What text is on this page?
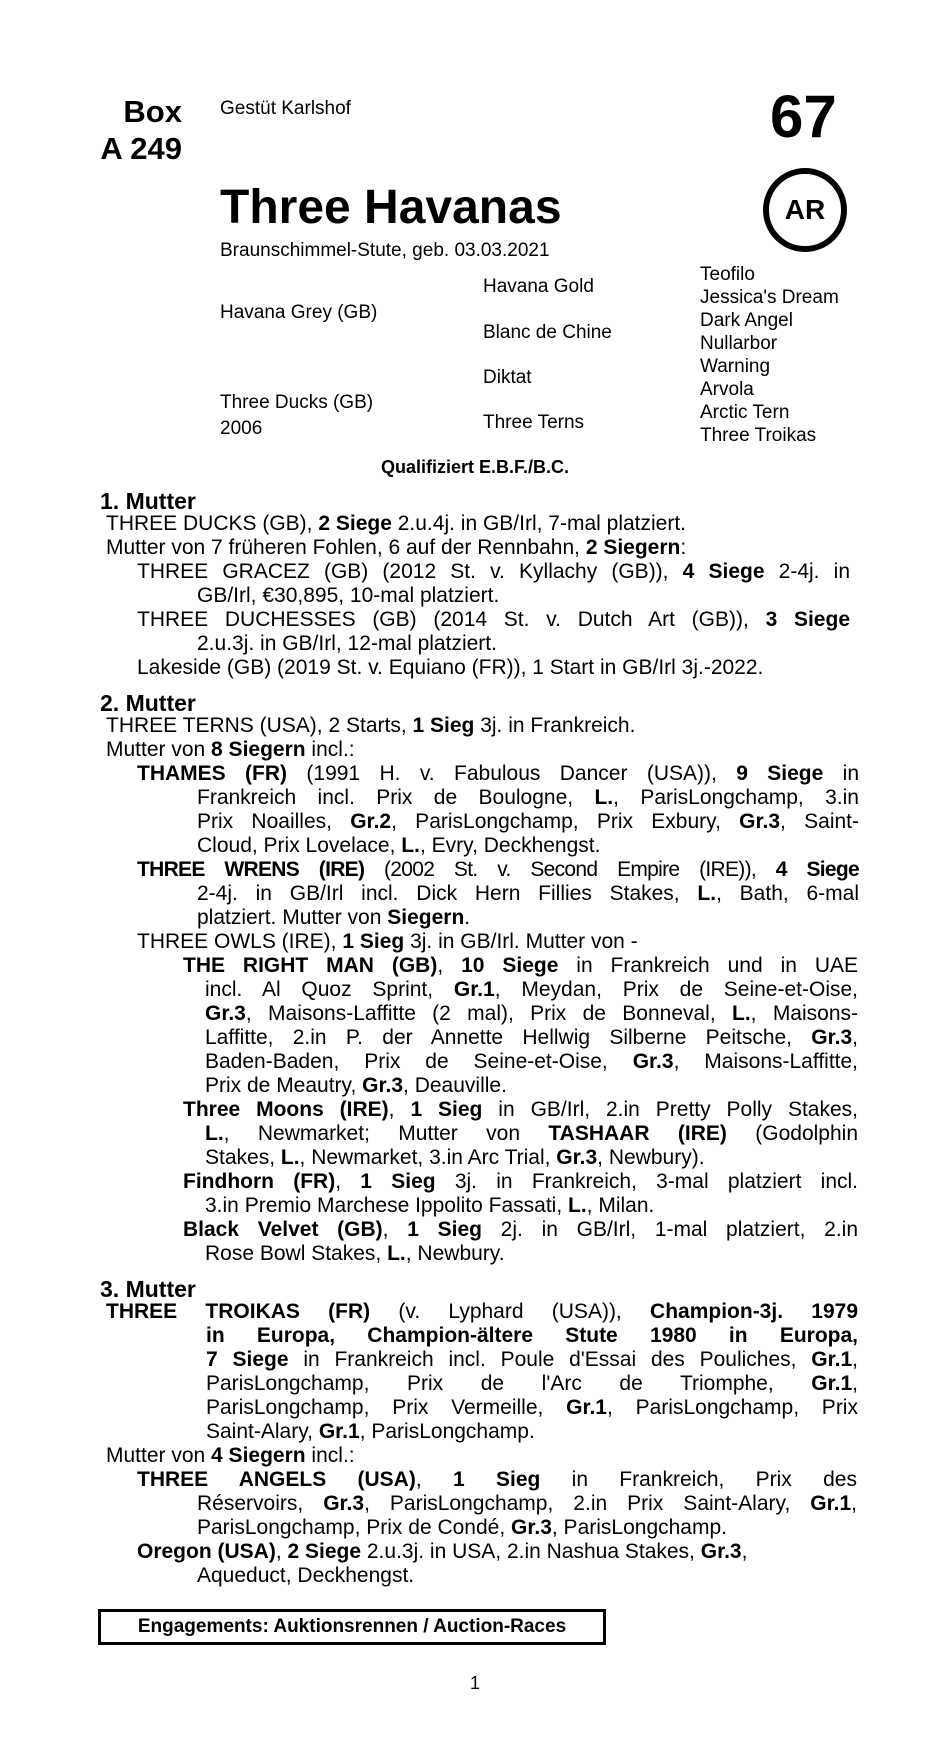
Box
A 249
Gestüt Karlshof	67
AR
Three Havanas
Braunschimmel-Stute, geb. 03.03.2021
Havana Grey (GB)
Three Ducks (GB)
2006
Havana Gold
Blanc de Chine
Diktat
Three Terns
Teofilo
Jessica's Dream
Dark Angel
Nullarbor
Warning
Arvola
Arctic Tern
Three Troikas
Qualifiziert E.B.F./B.C.
1. Mutter
THREE DUCKS (GB), 2 Siege 2.u.4j. in GB/Irl, 7-mal platziert.
Mutter von 7 früheren Fohlen, 6 auf der Rennbahn, 2 Siegern:
THREE GRACEZ (GB) (2012 St. v. Kyllachy (GB)), 4 Siege 2-4j. in
GB/Irl, €30,895, 10-mal platziert.
THREE DUCHESSES (GB) (2014 St. v. Dutch Art (GB)), 3 Siege
2.u.3j. in GB/Irl, 12-mal platziert.
Lakeside (GB) (2019 St. v. Equiano (FR)), 1 Start in GB/Irl 3j.-2022.
2. Mutter
THREE TERNS (USA), 2 Starts, 1 Sieg 3j. in Frankreich.
Mutter von 8 Siegern incl.:
THAMES (FR) (1991 H. v. Fabulous Dancer (USA)), 9 Siege in
Frankreich incl. Prix de Boulogne, L., ParisLongchamp, 3.in
Prix Noailles, Gr.2, ParisLongchamp, Prix Exbury, Gr.3, Saint-
Cloud, Prix Lovelace, L., Evry, Deckhengst.
THREE WRENS (IRE) (2002 St. v. Second Empire (IRE)), 4 Siege
2-4j. in GB/Irl incl. Dick Hern Fillies Stakes, L., Bath, 6-mal
platziert. Mutter von Siegern.
THREE OWLS (IRE), 1 Sieg 3j. in GB/Irl. Mutter von -
THE RIGHT MAN (GB), 10 Siege in Frankreich und in UAE
incl. Al Quoz Sprint, Gr.1, Meydan, Prix de Seine-et-Oise,
Gr.3, Maisons-Laffitte (2 mal), Prix de Bonneval, L., Maisons-
Laffitte, 2.in P. der Annette Hellwig Silberne Peitsche, Gr.3,
Baden-Baden, Prix de Seine-et-Oise, Gr.3, Maisons-Laffitte,
Prix de Meautry, Gr.3, Deauville.
Three Moons (IRE), 1 Sieg in GB/Irl, 2.in Pretty Polly Stakes,
L., Newmarket; Mutter von TASHAAR (IRE) (Godolphin
Stakes, L., Newmarket, 3.in Arc Trial, Gr.3, Newbury).
Findhorn (FR), 1 Sieg 3j. in Frankreich, 3-mal platziert incl.
3.in Premio Marchese Ippolito Fassati, L., Milan.
Black Velvet (GB), 1 Sieg 2j. in GB/Irl, 1-mal platziert, 2.in
Rose Bowl Stakes, L., Newbury.
3. Mutter
THREE TROIKAS (FR) (v. Lyphard (USA)), Champion-3j. 1979
in Europa, Champion-ältere Stute 1980 in Europa,
7 Siege in Frankreich incl. Poule d'Essai des Pouliches, Gr.1,
ParisLongchamp, Prix de l'Arc de Triomphe, Gr.1,
ParisLongchamp, Prix Vermeille, Gr.1, ParisLongchamp, Prix
Saint-Alary, Gr.1, ParisLongchamp.
Mutter von 4 Siegern incl.:
THREE ANGELS (USA), 1 Sieg in Frankreich, Prix des
Réservoirs, Gr.3, ParisLongchamp, 2.in Prix Saint-Alary, Gr.1,
ParisLongchamp, Prix de Condé, Gr.3, ParisLongchamp.
Oregon (USA), 2 Siege 2.u.3j. in USA, 2.in Nashua Stakes, Gr.3,
Aqueduct, Deckhengst.
Engagements: Auktionsrennen / Auction-Races
1
